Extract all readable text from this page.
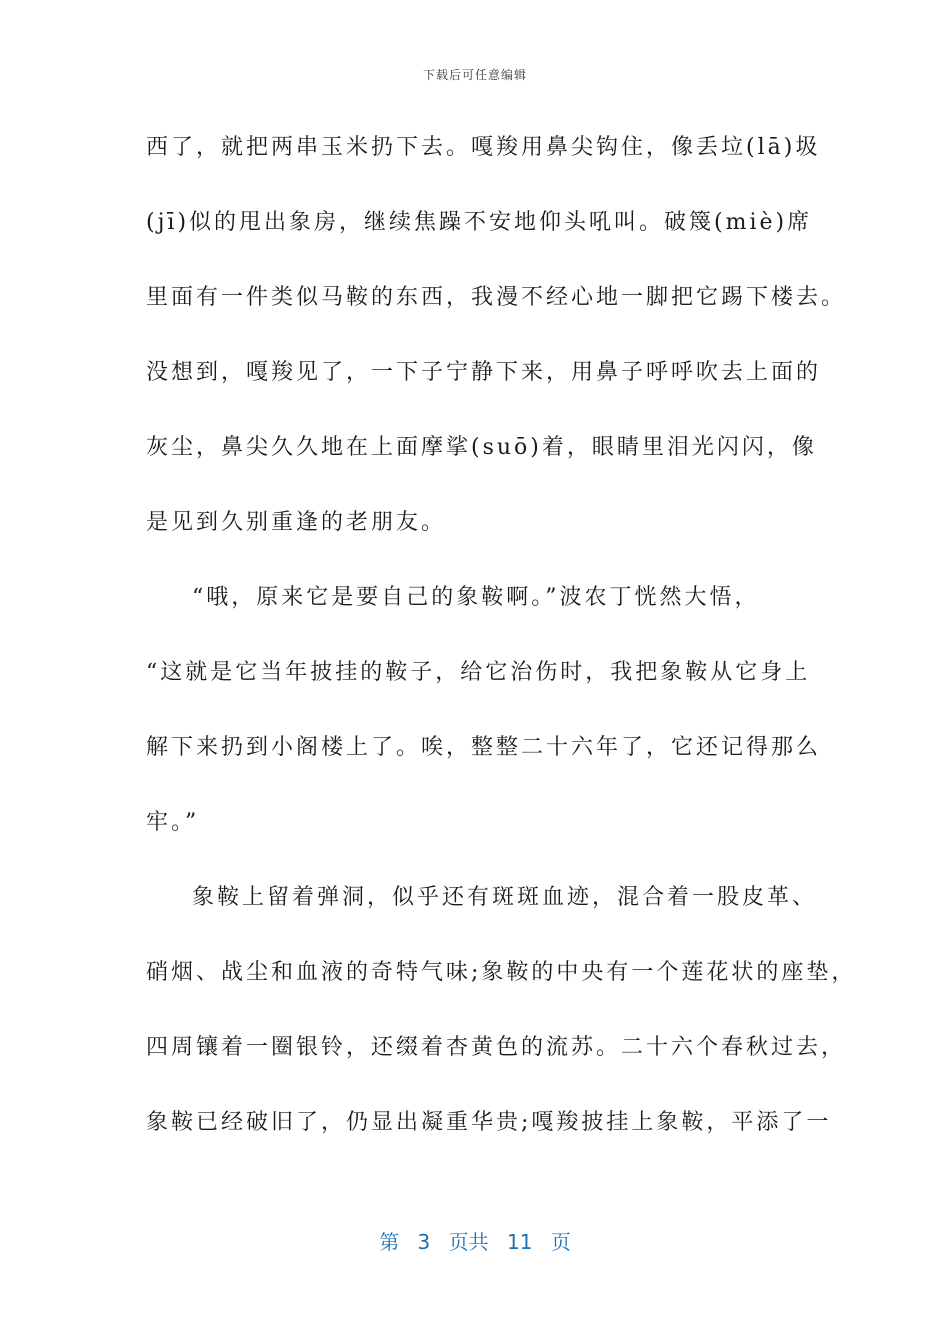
下载后可任意编辑

西了，就把两串玉米扔下去。嘎羧用鼻尖钩住，像丢垃(lā)圾

(jī)似的甩出象房，继续焦躁不安地仰头吼叫。破篾(miè)席

里面有一件类似马鞍的东西，我漫不经心地一脚把它踢下楼去。

没想到，嘎羧见了，一下子宁静下来，用鼻子呼呼吹去上面的

灰尘，鼻尖久久地在上面摩挲(suō)着，眼睛里泪光闪闪，像

是见到久别重逢的老朋友。

“哦，原来它是要自己的象鞍啊。”波农丁恍然大悟，

“这就是它当年披挂的鞍子，给它治伤时，我把象鞍从它身上

解下来扔到小阁楼上了。唉，整整二十六年了，它还记得那么

牢。”

象鞍上留着弹洞，似乎还有斑斑血迹，混合着一股皮革、

硝烟、战尘和血液的奇特气味;象鞍的中央有一个莲花状的座垫，

四周镶着一圈银铃，还缀着杏黄色的流苏。二十六个春秋过去，

象鞍已经破旧了，仍显出凝重华贵;嘎羧披挂上象鞍，平添了一

第 3 页共 11 页
